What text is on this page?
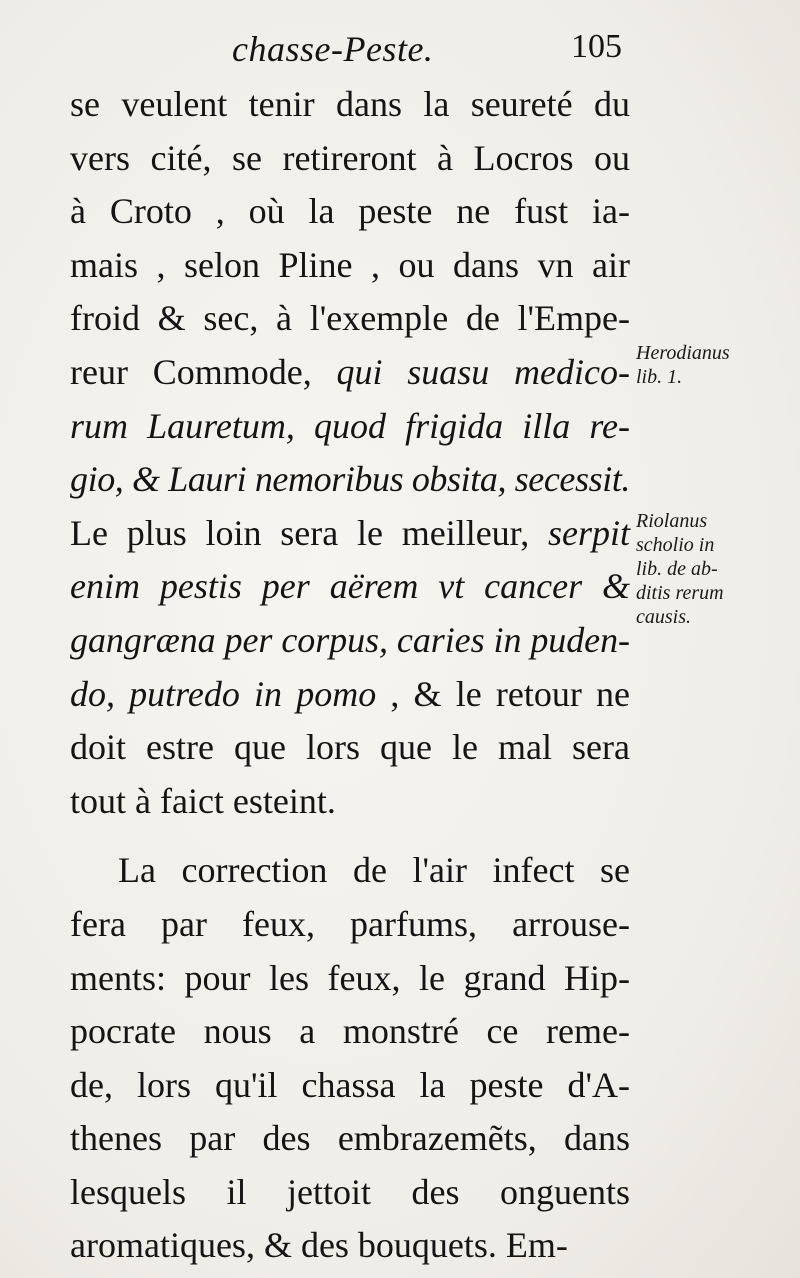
chasse-Peste.	105
se veulent tenir dans la seureté du
vers cité, se retireront à Locros ou
à Croto , où la peste ne fust ia-
mais , selon Pline , ou dans vn air
froid & sec, à l'exemple de l'Empe-
reur Commode, qui suasu medico-
rum Lauretum, quod frigida illa re-
gio, & Lauri nemoribus obsita, secessit.
Le plus loin sera le meilleur, serpit
enim pestis per aërem vt cancer &
gangræna per corpus, caries in puden-
do, putredo in pomo , & le retour ne
doit estre que lors que le mal sera
tout à faict esteint.
La correction de l'air infect se
fera par feux, parfums, arrouse-
ments: pour les feux, le grand Hip-
pocrate nous a monstré ce reme-
de, lors qu'il chassa la peste d'A-
thenes par des embrazemẽts, dans
lesquels il jettoit des onguents
aromatiques, & des bouquets. Em-
Herodianus
lib. 1.
Riolanus
scholio in
lib. de ab-
ditis rerum
causis.
